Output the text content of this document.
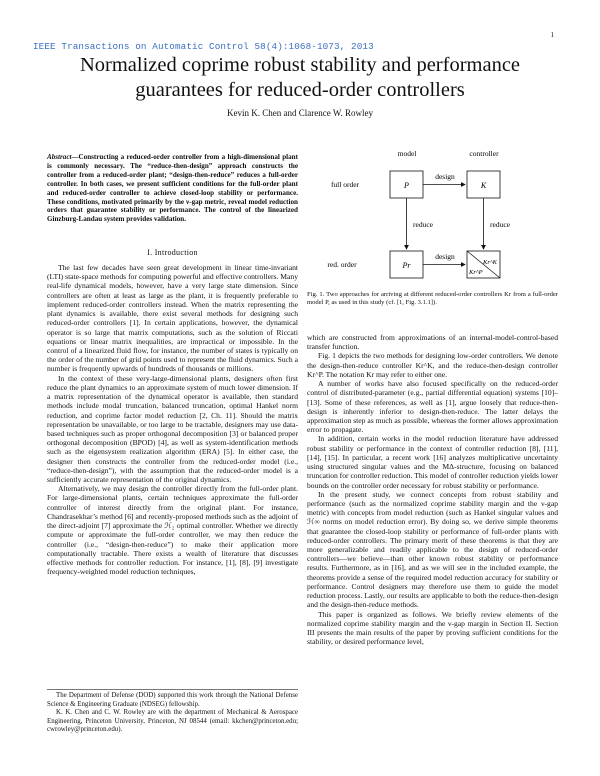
1
IEEE Transactions on Automatic Control 58(4):1068-1073, 2013
Normalized coprime robust stability and performance
guarantees for reduced-order controllers
Kevin K. Chen and Clarence W. Rowley
Abstract—Constructing a reduced-order controller from a high-dimensional plant is commonly necessary. The “reduce-then-design” approach constructs the controller from a reduced-order plant; “design-then-reduce” reduces a full-order controller. In both cases, we present sufficient conditions for the full-order plant and reduced-order controller to achieve closed-loop stability or performance. These conditions, motivated primarily by the ν-gap metric, reveal model reduction orders that guarantee stability or performance. The control of the linearized Ginzburg-Landau system provides validation.
I. Introduction

The last few decades have seen great development in linear time-invariant (LTI) state-space methods for computing powerful and effective controllers. Many real-life dynamical models, however, have a very large state dimension. Since controllers are often at least as large as the plant, it is frequently preferable to implement reduced-order controllers instead. When the matrix representing the plant dynamics is available, there exist several methods for designing such reduced-order controllers [1]. In certain applications, however, the dynamical operator is so large that matrix computations, such as the solution of Riccati equations or linear matrix inequalities, are impractical or impossible. In the control of a linearized fluid flow, for instance, the number of states is typically on the order of the number of grid points used to represent the fluid dynamics. Such a number is frequently upwards of hundreds of thousands or millions.

In the context of these very-large-dimensional plants, designers often first reduce the plant dynamics to an approximate system of much lower dimension. If a matrix representation of the dynamical operator is available, then standard methods include modal truncation, balanced truncation, optimal Hankel norm reduction, and coprime factor model reduction [2, Ch. 11]. Should the matrix representation be unavailable, or too large to be tractable, designers may use data-based techniques such as proper orthogonal decomposition [3] or balanced proper orthogonal decomposition (BPOD) [4], as well as system-identification methods such as the eigensystem realization algorithm (ERA) [5]. In either case, the designer then constructs the controller from the reduced-order model (i.e., “reduce-then-design”), with the assumption that the reduced-order model is a sufficiently accurate representation of the original dynamics.

Alternatively, we may design the controller directly from the full-order plant. For large-dimensional plants, certain techniques approximate the full-order controller of interest directly from the original plant. For instance, Chandrasekhar’s method [6] and recently-proposed methods such as the adjoint of the direct-adjoint [7] approximate the ℋ₂ optimal controller. Whether we directly compute or approximate the full-order controller, we may then reduce the controller (i.e., “design-then-reduce”) to make their application more computationally tractable. There exists a wealth of literature that discusses effective methods for controller reduction. For instance, [1], [8], [9] investigate frequency-weighted model reduction techniques,

The Department of Defense (DOD) supported this work through the National Defense Science & Engineering Graduate (NDSEG) fellowship.

K. K. Chen and C. W. Rowley are with the department of Mechanical & Aerospace Engineering, Princeton University, Princeton, NJ 08544 (email: kkchen@princeton.edu; cwrowley@princeton.edu).

model	controller
full order
red. order
P	K
Pr	Kr^K
Kr^P
design
design
reduce	reduce
Fig. 1. Two approaches for arriving at different reduced-order controllers Kr from a full-order model P, as used in this study (cf. [1, Fig. 3.1.1]).

which are constructed from approximations of an internal-model-control-based transfer function.

Fig. 1 depicts the two methods for designing low-order controllers. We denote the design-then-reduce controller Kr^K, and the reduce-then-design controller Kr^P. The notation Kr may refer to either one.

A number of works have also focused specifically on the reduced-order control of distributed-parameter (e.g., partial differential equation) systems [10]–[13]. Some of these references, as well as [1], argue loosely that reduce-then-design is inherently inferior to design-then-reduce. The latter delays the approximation step as much as possible, whereas the former allows approximation error to propagate.

In addition, certain works in the model reduction literature have addressed robust stability or performance in the context of controller reduction [8], [11], [14], [15]. In particular, a recent work [16] analyzes multiplicative uncertainty using structured singular values and the MΔ-structure, focusing on balanced truncation for controller reduction. This model of controller reduction yields lower bounds on the controller order necessary for robust stability or performance.

In the present study, we connect concepts from robust stability and performance (such as the normalized coprime stability margin and the ν-gap metric) with concepts from model reduction (such as Hankel singular values and ℋ∞ norms on model reduction error). By doing so, we derive simple theorems that guarantee the closed-loop stability or performance of full-order plants with reduced-order controllers. The primary merit of these theorems is that they are more generalizable and readily applicable to the design of reduced-order controllers—we believe—than other known robust stability or performance results. Furthermore, as in [16], and as we will see in the included example, the theorems provide a sense of the required model reduction accuracy for stability or performance. Control designers may therefore use them to guide the model reduction process. Lastly, our results are applicable to both the reduce-then-design and the design-then-reduce methods.

This paper is organized as follows. We briefly review elements of the normalized coprime stability margin and the ν-gap margin in Section II. Section III presents the main results of the paper by proving sufficient conditions for the stability, or desired performance level,
